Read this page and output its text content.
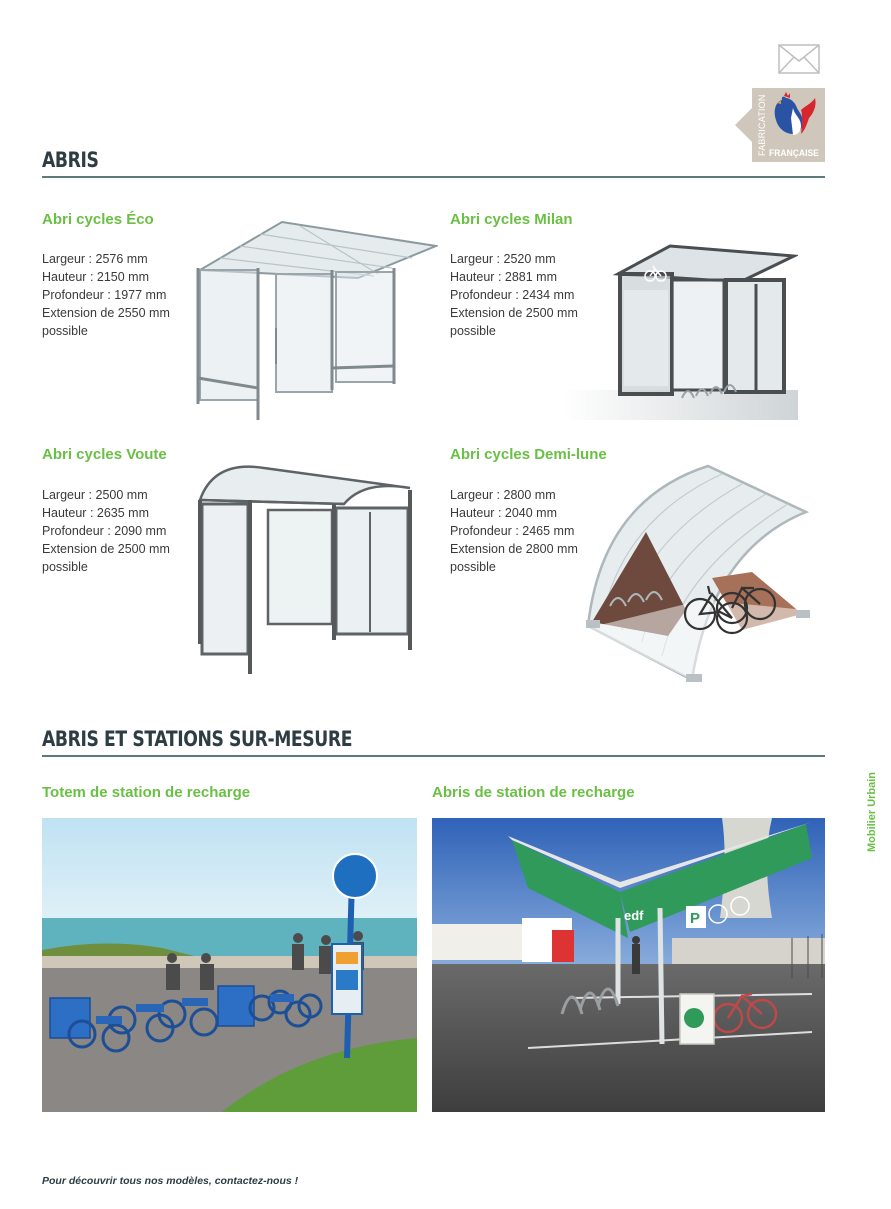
FABRICATION FRANÇAISE
ABRIS
Abri cycles Éco
Largeur : 2576 mm
Hauteur : 2150 mm
Profondeur : 1977 mm
Extension de 2550 mm
possible
Abri cycles Milan
Largeur : 2520 mm
Hauteur : 2881 mm
Profondeur : 2434 mm
Extension de 2500 mm
possible
Abri cycles Voute
Largeur : 2500 mm
Hauteur : 2635 mm
Profondeur : 2090 mm
Extension de 2500 mm
possible
Abri cycles Demi-lune
Largeur : 2800 mm
Hauteur : 2040 mm
Profondeur : 2465 mm
Extension de 2800 mm
possible
ABRIS ET STATIONS SUR-MESURE
Totem de station de recharge	Abris de station de recharge
edf	P
Mobilier Urbain
Pour découvrir tous nos modèles, contactez-nous !
